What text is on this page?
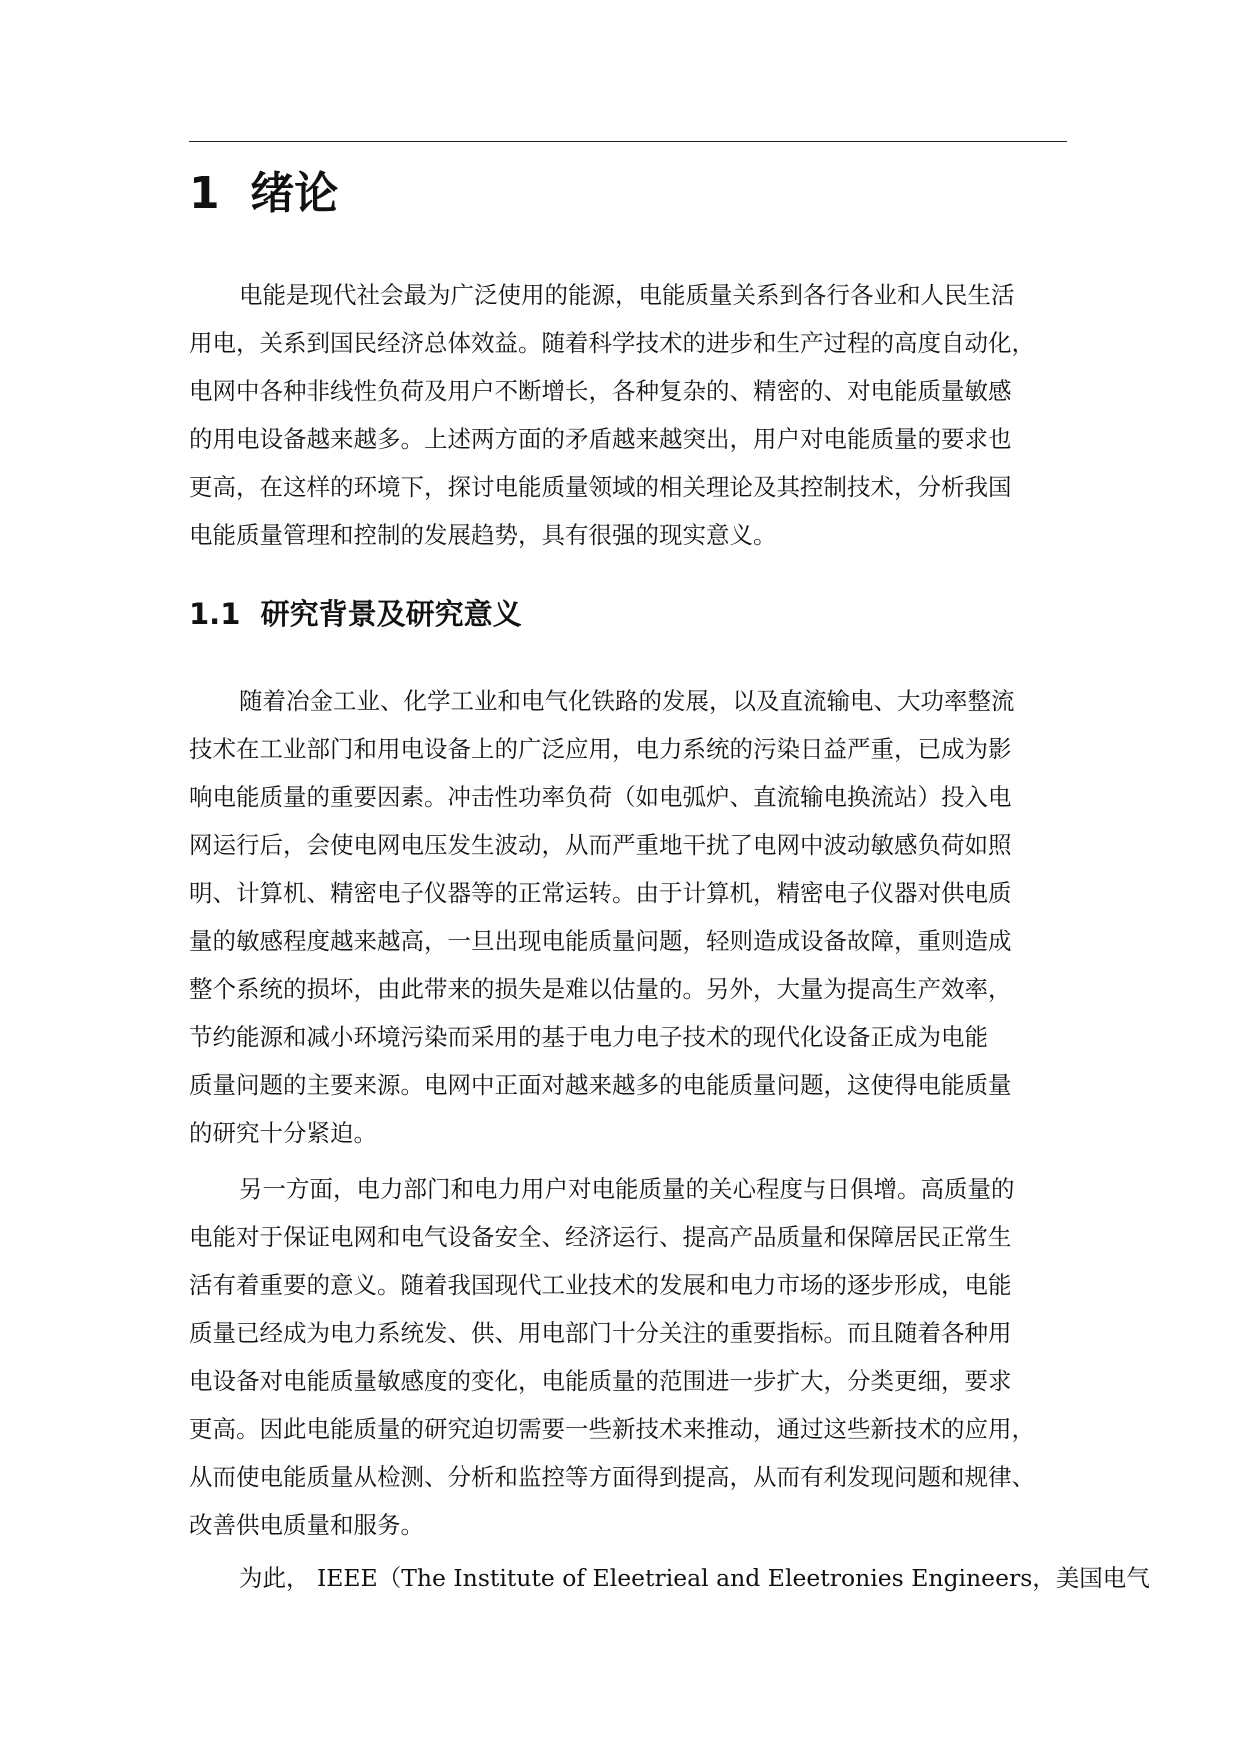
1  绪论

电能是现代社会最为广泛使用的能源，电能质量关系到各行各业和人民生活
用电，关系到国民经济总体效益。随着科学技术的进步和生产过程的高度自动化，
电网中各种非线性负荷及用户不断增长，各种复杂的、精密的、对电能质量敏感
的用电设备越来越多。上述两方面的矛盾越来越突出，用户对电能质量的要求也
更高，在这样的环境下，探讨电能质量领域的相关理论及其控制技术，分析我国
电能质量管理和控制的发展趋势，具有很强的现实意义。

1.1  研究背景及研究意义

随着冶金工业、化学工业和电气化铁路的发展，以及直流输电、大功率整流
技术在工业部门和用电设备上的广泛应用，电力系统的污染日益严重，已成为影
响电能质量的重要因素。冲击性功率负荷（如电弧炉、直流输电换流站）投入电
网运行后，会使电网电压发生波动，从而严重地干扰了电网中波动敏感负荷如照
明、计算机、精密电子仪器等的正常运转。由于计算机，精密电子仪器对供电质
量的敏感程度越来越高，一旦出现电能质量问题，轻则造成设备故障，重则造成
整个系统的损坏，由此带来的损失是难以估量的。另外，大量为提高生产效率，
节约能源和减小环境污染而采用的基于电力电子技术的现代化设备正成为电能
质量问题的主要来源。电网中正面对越来越多的电能质量问题，这使得电能质量
的研究十分紧迫。

另一方面，电力部门和电力用户对电能质量的关心程度与日俱增。高质量的
电能对于保证电网和电气设备安全、经济运行、提高产品质量和保障居民正常生
活有着重要的意义。随着我国现代工业技术的发展和电力市场的逐步形成，电能
质量已经成为电力系统发、供、用电部门十分关注的重要指标。而且随着各种用
电设备对电能质量敏感度的变化，电能质量的范围进一步扩大，分类更细，要求
更高。因此电能质量的研究迫切需要一些新技术来推动，通过这些新技术的应用，
从而使电能质量从检测、分析和监控等方面得到提高，从而有利发现问题和规律、
改善供电质量和服务。

为此， IEEE（The Institute of Eleetrieal and Eleetronies Engineers，美国电气
